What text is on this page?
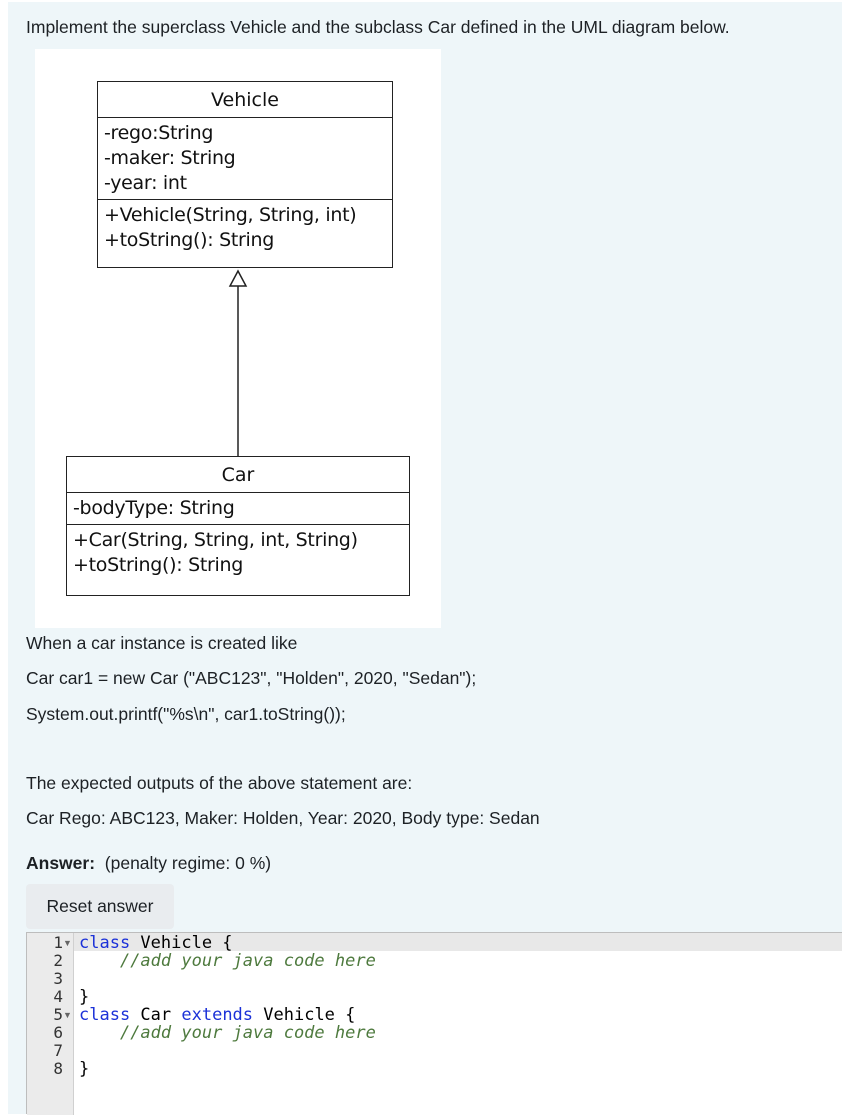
Implement the superclass Vehicle and the subclass Car defined in the UML diagram below.
Vehicle
-rego:String
-maker: String
-year: int
+Vehicle(String, String, int)
+toString(): String
Car
-bodyType: String
+Car(String, String, int, String)
+toString(): String
When a car instance is created like
Car car1 = new Car ("ABC123", "Holden", 2020, "Sedan");
System.out.printf("%s\n", car1.toString());
The expected outputs of the above statement are:
Car Rego: ABC123, Maker: Holden, Year: 2020, Body type: Sedan
Answer: (penalty regime: 0 %)
Reset answer
1 ▼
2
3
4
5 ▼
6
7
8
class Vehicle {
//add your java code here
}
class Car extends Vehicle {
//add your java code here
}
